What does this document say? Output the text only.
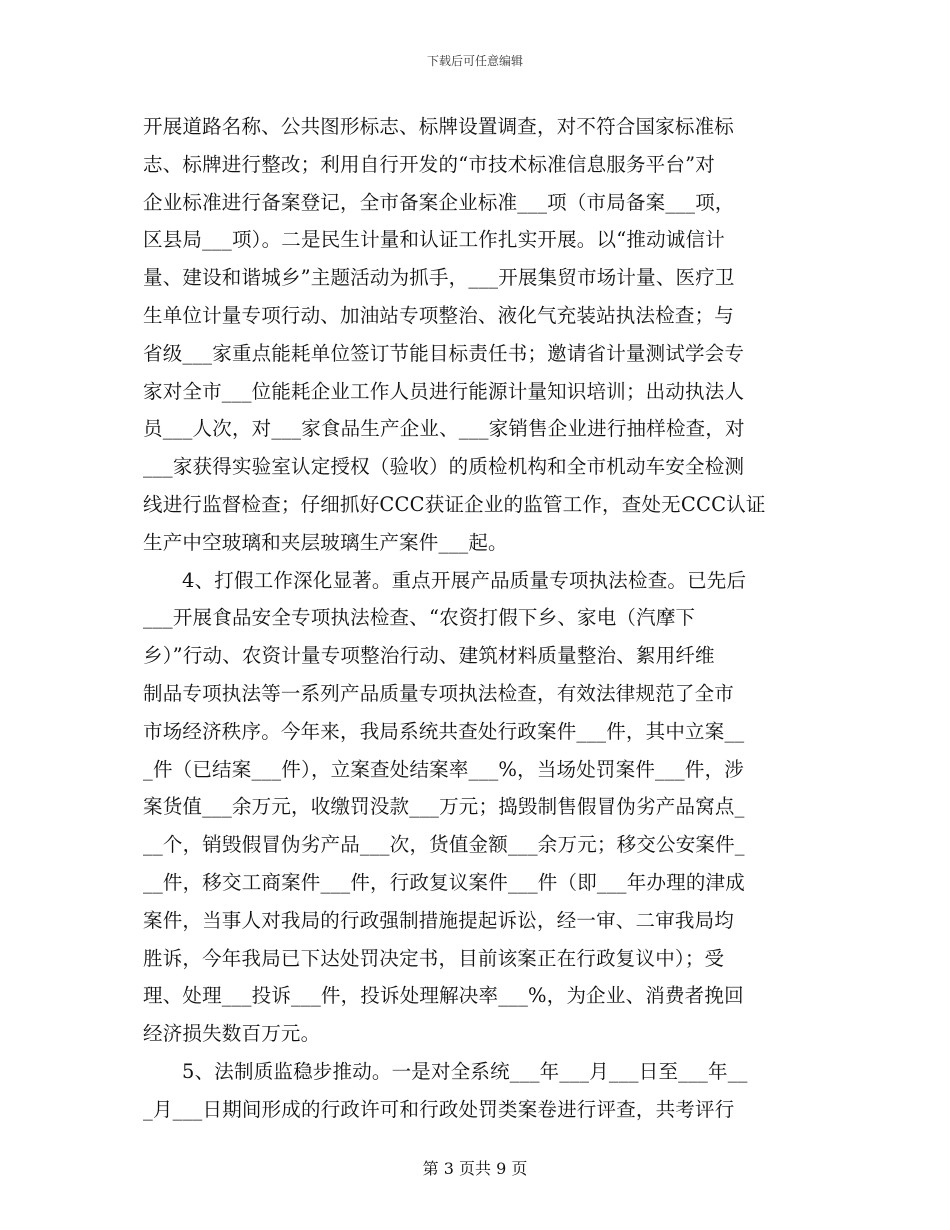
下载后可任意编辑
开展道路名称、公共图形标志、标牌设置调查，对不符合国家标准标
志、标牌进行整改；利用自行开发的“市技术标准信息服务平台”对
企业标准进行备案登记，全市备案企业标准___项（市局备案___项，
区县局___项）。二是民生计量和认证工作扎实开展。以“推动诚信计
量、建设和谐城乡”主题活动为抓手，___开展集贸市场计量、医疗卫
生单位计量专项行动、加油站专项整治、液化气充装站执法检查；与
省级___家重点能耗单位签订节能目标责任书；邀请省计量测试学会专
家对全市___位能耗企业工作人员进行能源计量知识培训；出动执法人
员___人次，对___家食品生产企业、___家销售企业进行抽样检查，对
___家获得实验室认定授权（验收）的质检机构和全市机动车安全检测
线进行监督检查；仔细抓好CCC获证企业的监管工作，查处无CCC认证
生产中空玻璃和夹层玻璃生产案件___起。
4、打假工作深化显著。重点开展产品质量专项执法检查。已先后
___开展食品安全专项执法检查、“农资打假下乡、家电（汽摩下
乡）”行动、农资计量专项整治行动、建筑材料质量整治、絮用纤维
制品专项执法等一系列产品质量专项执法检查，有效法律规范了全市
市场经济秩序。今年来，我局系统共查处行政案件___件，其中立案__
_件（已结案___件），立案查处结案率___%，当场处罚案件___件，涉
案货值___余万元，收缴罚没款___万元；捣毁制售假冒伪劣产品窝点_
__个，销毁假冒伪劣产品___次，货值金额___余万元；移交公安案件_
__件，移交工商案件___件，行政复议案件___件（即___年办理的津成
案件，当事人对我局的行政强制措施提起诉讼，经一审、二审我局均
胜诉，今年我局已下达处罚决定书，目前该案正在行政复议中）；受
理、处理___投诉___件，投诉处理解决率___%，为企业、消费者挽回
经济损失数百万元。
5、法制质监稳步推动。一是对全系统___年___月___日至___年__
_月___日期间形成的行政许可和行政处罚类案卷进行评查，共考评行
第 3 页共 9 页
